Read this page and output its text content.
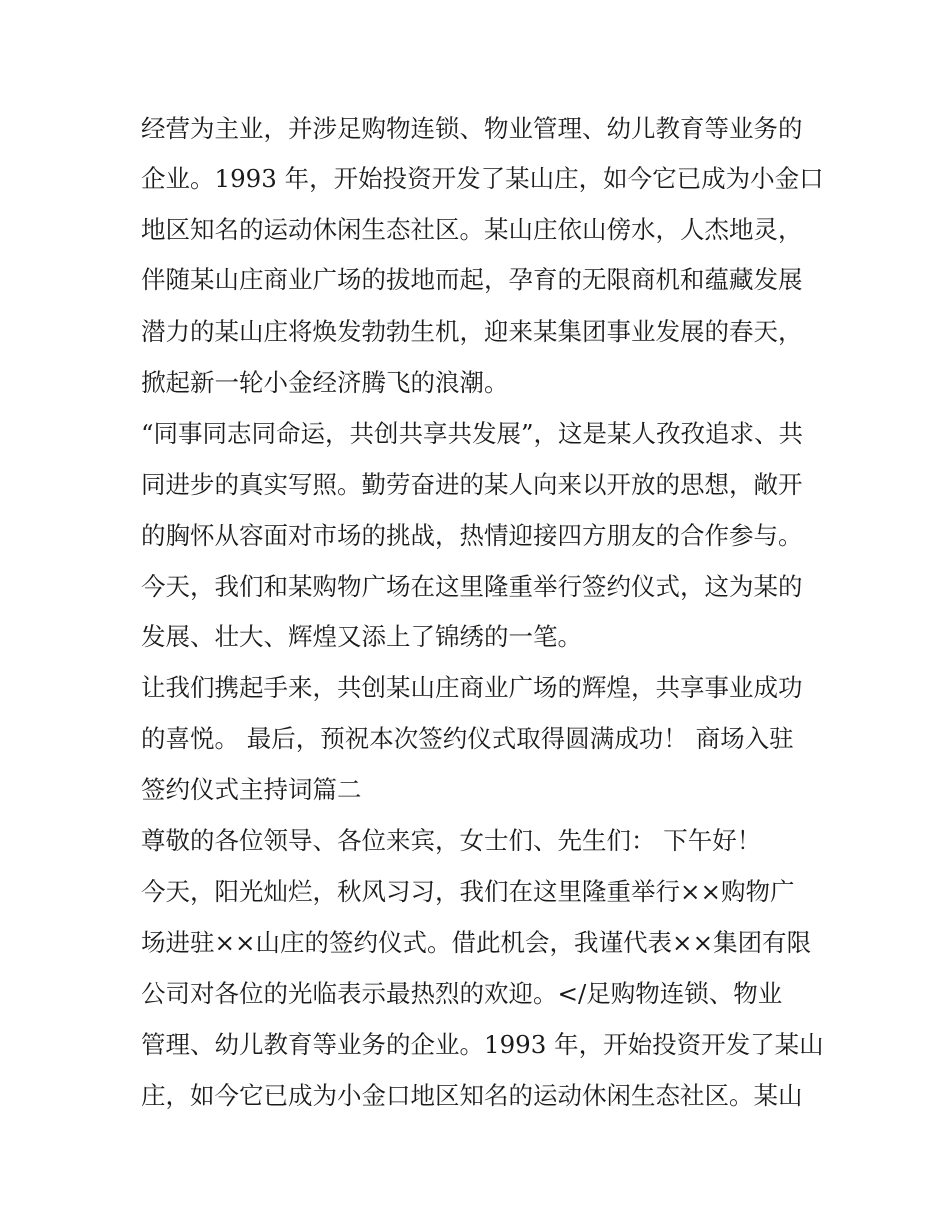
经营为主业，并涉足购物连锁、物业管理、幼儿教育等业务的
企业。1993 年，开始投资开发了某山庄，如今它已成为小金口
地区知名的运动休闲生态社区。某山庄依山傍水，人杰地灵，
伴随某山庄商业广场的拔地而起，孕育的无限商机和蕴藏发展
潜力的某山庄将焕发勃勃生机，迎来某集团事业发展的春天，
掀起新一轮小金经济腾飞的浪潮。
“同事同志同命运，共创共享共发展”，这是某人孜孜追求、共
同进步的真实写照。勤劳奋进的某人向来以开放的思想，敞开
的胸怀从容面对市场的挑战，热情迎接四方朋友的合作参与。
今天，我们和某购物广场在这里隆重举行签约仪式，这为某的
发展、壮大、辉煌又添上了锦绣的一笔。
让我们携起手来，共创某山庄商业广场的辉煌，共享事业成功
的喜悦。 最后，预祝本次签约仪式取得圆满成功！ 商场入驻
签约仪式主持词篇二
尊敬的各位领导、各位来宾，女士们、先生们： 下午好！
今天，阳光灿烂，秋风习习，我们在这里隆重举行××购物广
场进驻××山庄的签约仪式。借此机会，我谨代表××集团有限
公司对各位的光临表示最热烈的欢迎。</足购物连锁、物业
管理、幼儿教育等业务的企业。1993 年，开始投资开发了某山
庄，如今它已成为小金口地区知名的运动休闲生态社区。某山
